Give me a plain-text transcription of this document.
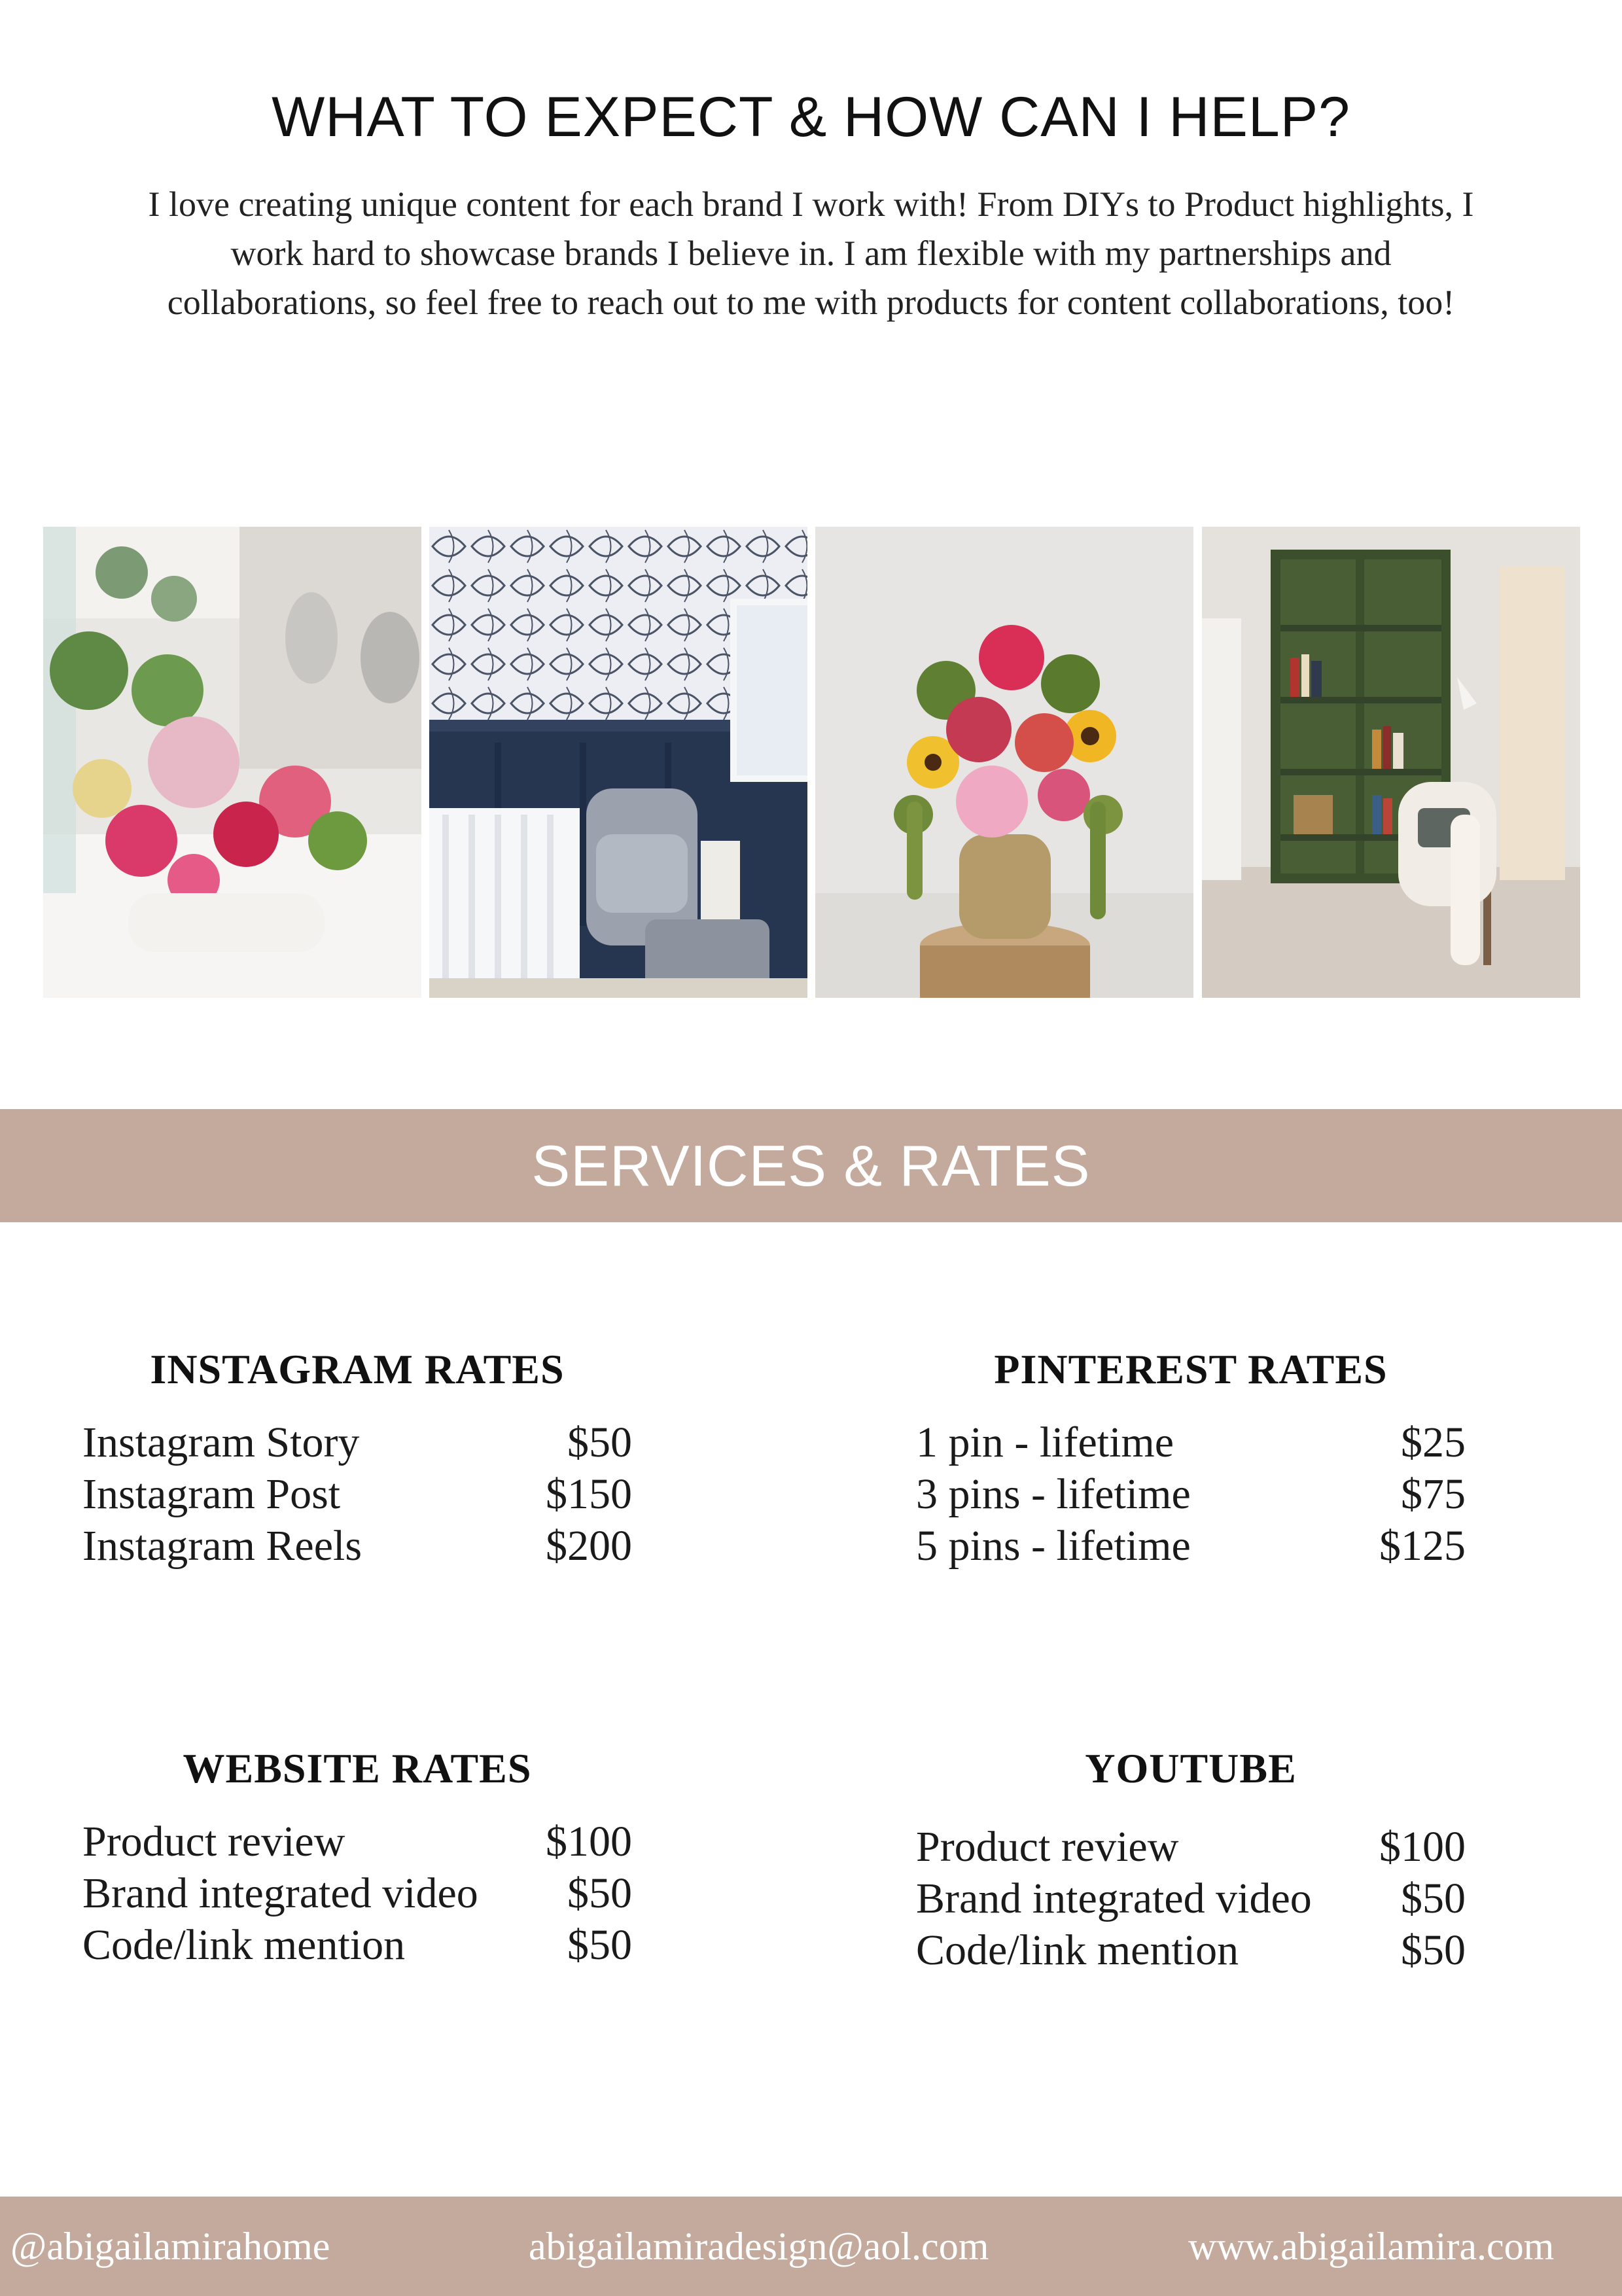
WHAT TO EXPECT & HOW CAN I HELP?

I love creating unique content for each brand I work with! From DIYs to Product highlights, I work hard to showcase brands I believe in. I am flexible with my partnerships and collaborations, so feel free to reach out to me with products for content collaborations, too!

SERVICES & RATES
INSTAGRAM RATES
Instagram Story	$50
Instagram Post	$150
Instagram Reels	$200
PINTEREST RATES
1 pin - lifetime	$25
3 pins - lifetime	$75
5 pins - lifetime	$125
WEBSITE RATES
Product review	$100
Brand integrated video $50
Code/link mention	$50
YOUTUBE
Product review	$100
Brand integrated video $50
Code/link mention	$50
@abigailamirahome	abigailamiradesign@aol.com	www.abigailamira.com
